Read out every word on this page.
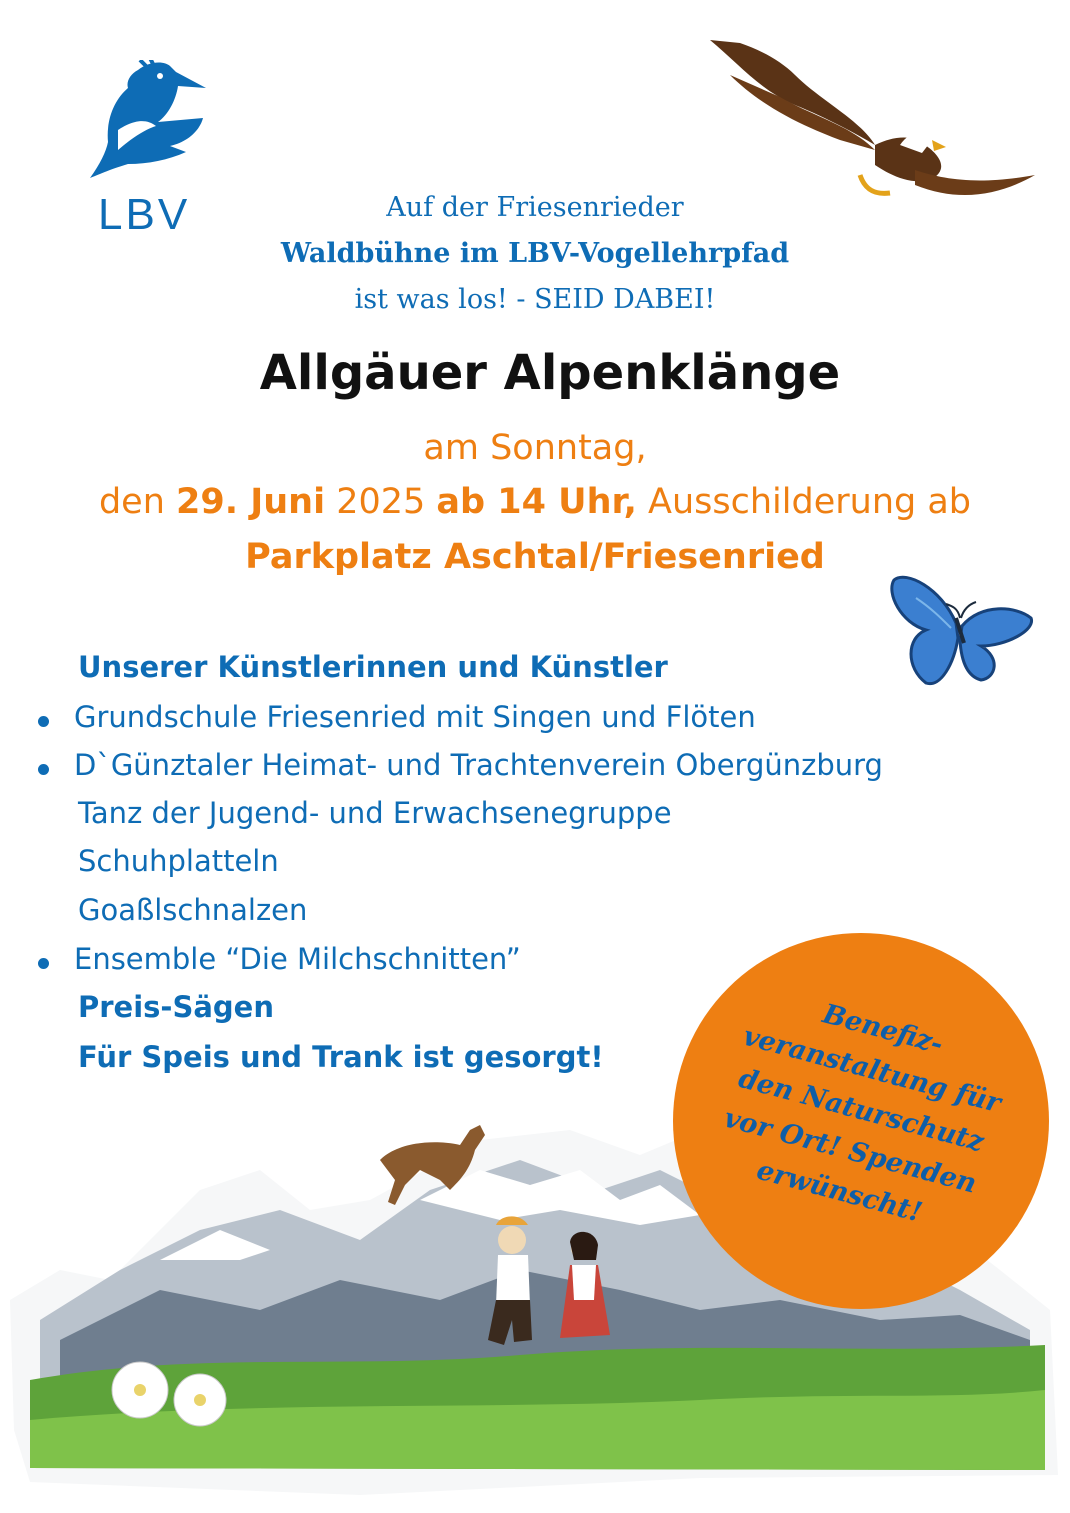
LBV	Auf der Friesenrieder
Waldbühne im LBV-Vogellehrpfad
ist was los! - SEID DABEI!
Allgäuer Alpenklänge
am Sonntag,
den 29. Juni 2025 ab 14 Uhr, Ausschilderung ab
Parkplatz Aschtal/Friesenried
Unserer Künstlerinnen und Künstler
Grundschule Friesenried mit Singen und Flöten
D`Günztaler Heimat- und Trachtenverein Obergünzburg
Tanz der Jugend- und Erwachsenegruppe
Schuhplatteln
Goaßlschnalzen
Ensemble “Die Milchschnitten”
Preis-Sägen
Für Speis und Trank ist gesorgt!	Benefiz-veranstaltung für den Naturschutz vor Ort! Spenden erwünscht!
